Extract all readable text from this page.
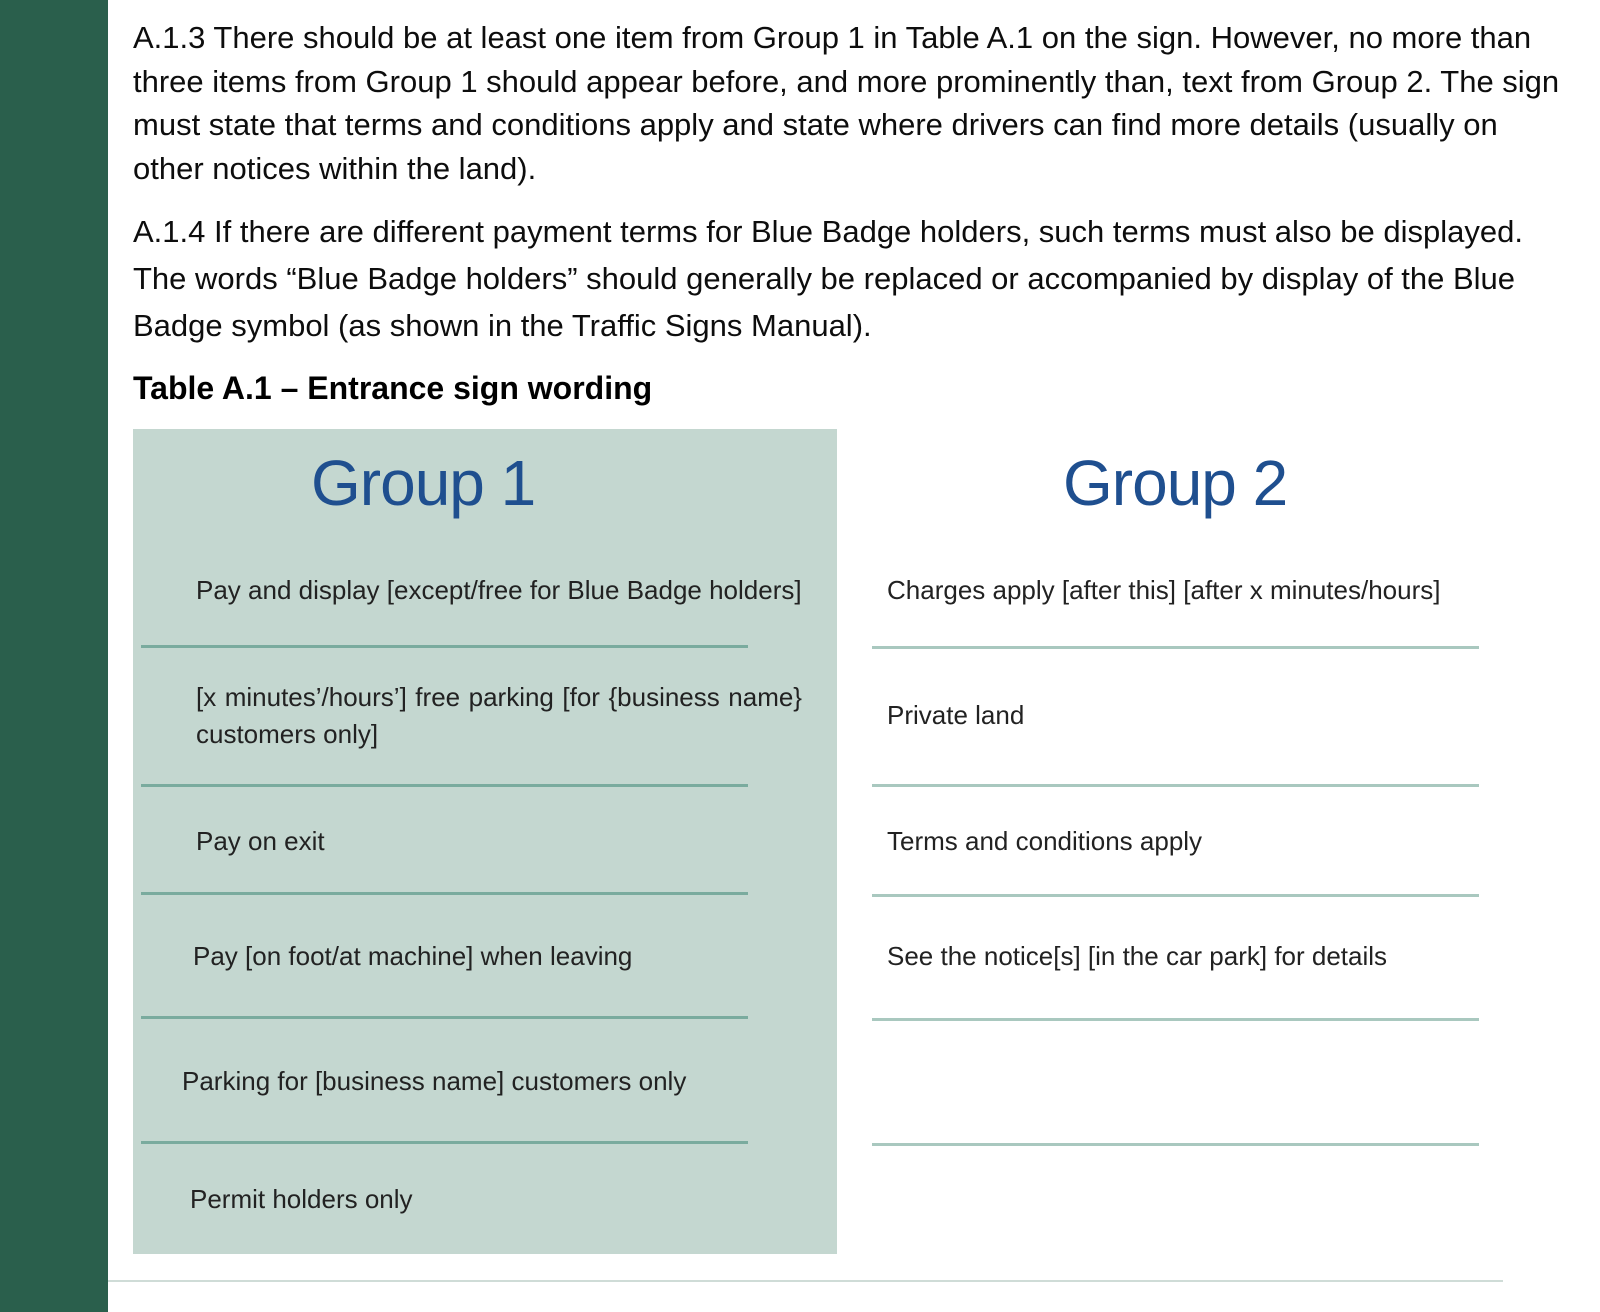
A.1.3 There should be at least one item from Group 1 in Table A.1 on the sign. However, no more than three items from Group 1 should appear before, and more prominently than, text from Group 2. The sign must state that terms and conditions apply and state where drivers can find more details (usually on other notices within the land).

A.1.4 If there are different payment terms for Blue Badge holders, such terms must also be displayed. The words “Blue Badge holders” should generally be replaced or accompanied by display of the Blue Badge symbol (as shown in the Traffic Signs Manual).

Table A.1 – Entrance sign wording
Group 1	Group 2

Pay and display [except/free for Blue Badge holders]

[x minutes’/hours’] free parking [for {business name} customers only]

Pay on exit

Pay [on foot/at machine] when leaving

Parking for [business name] customers only

Permit holders only

Charges apply [after this] [after x minutes/hours]

Private land

Terms and conditions apply

See the notice[s] [in the car park] for details
